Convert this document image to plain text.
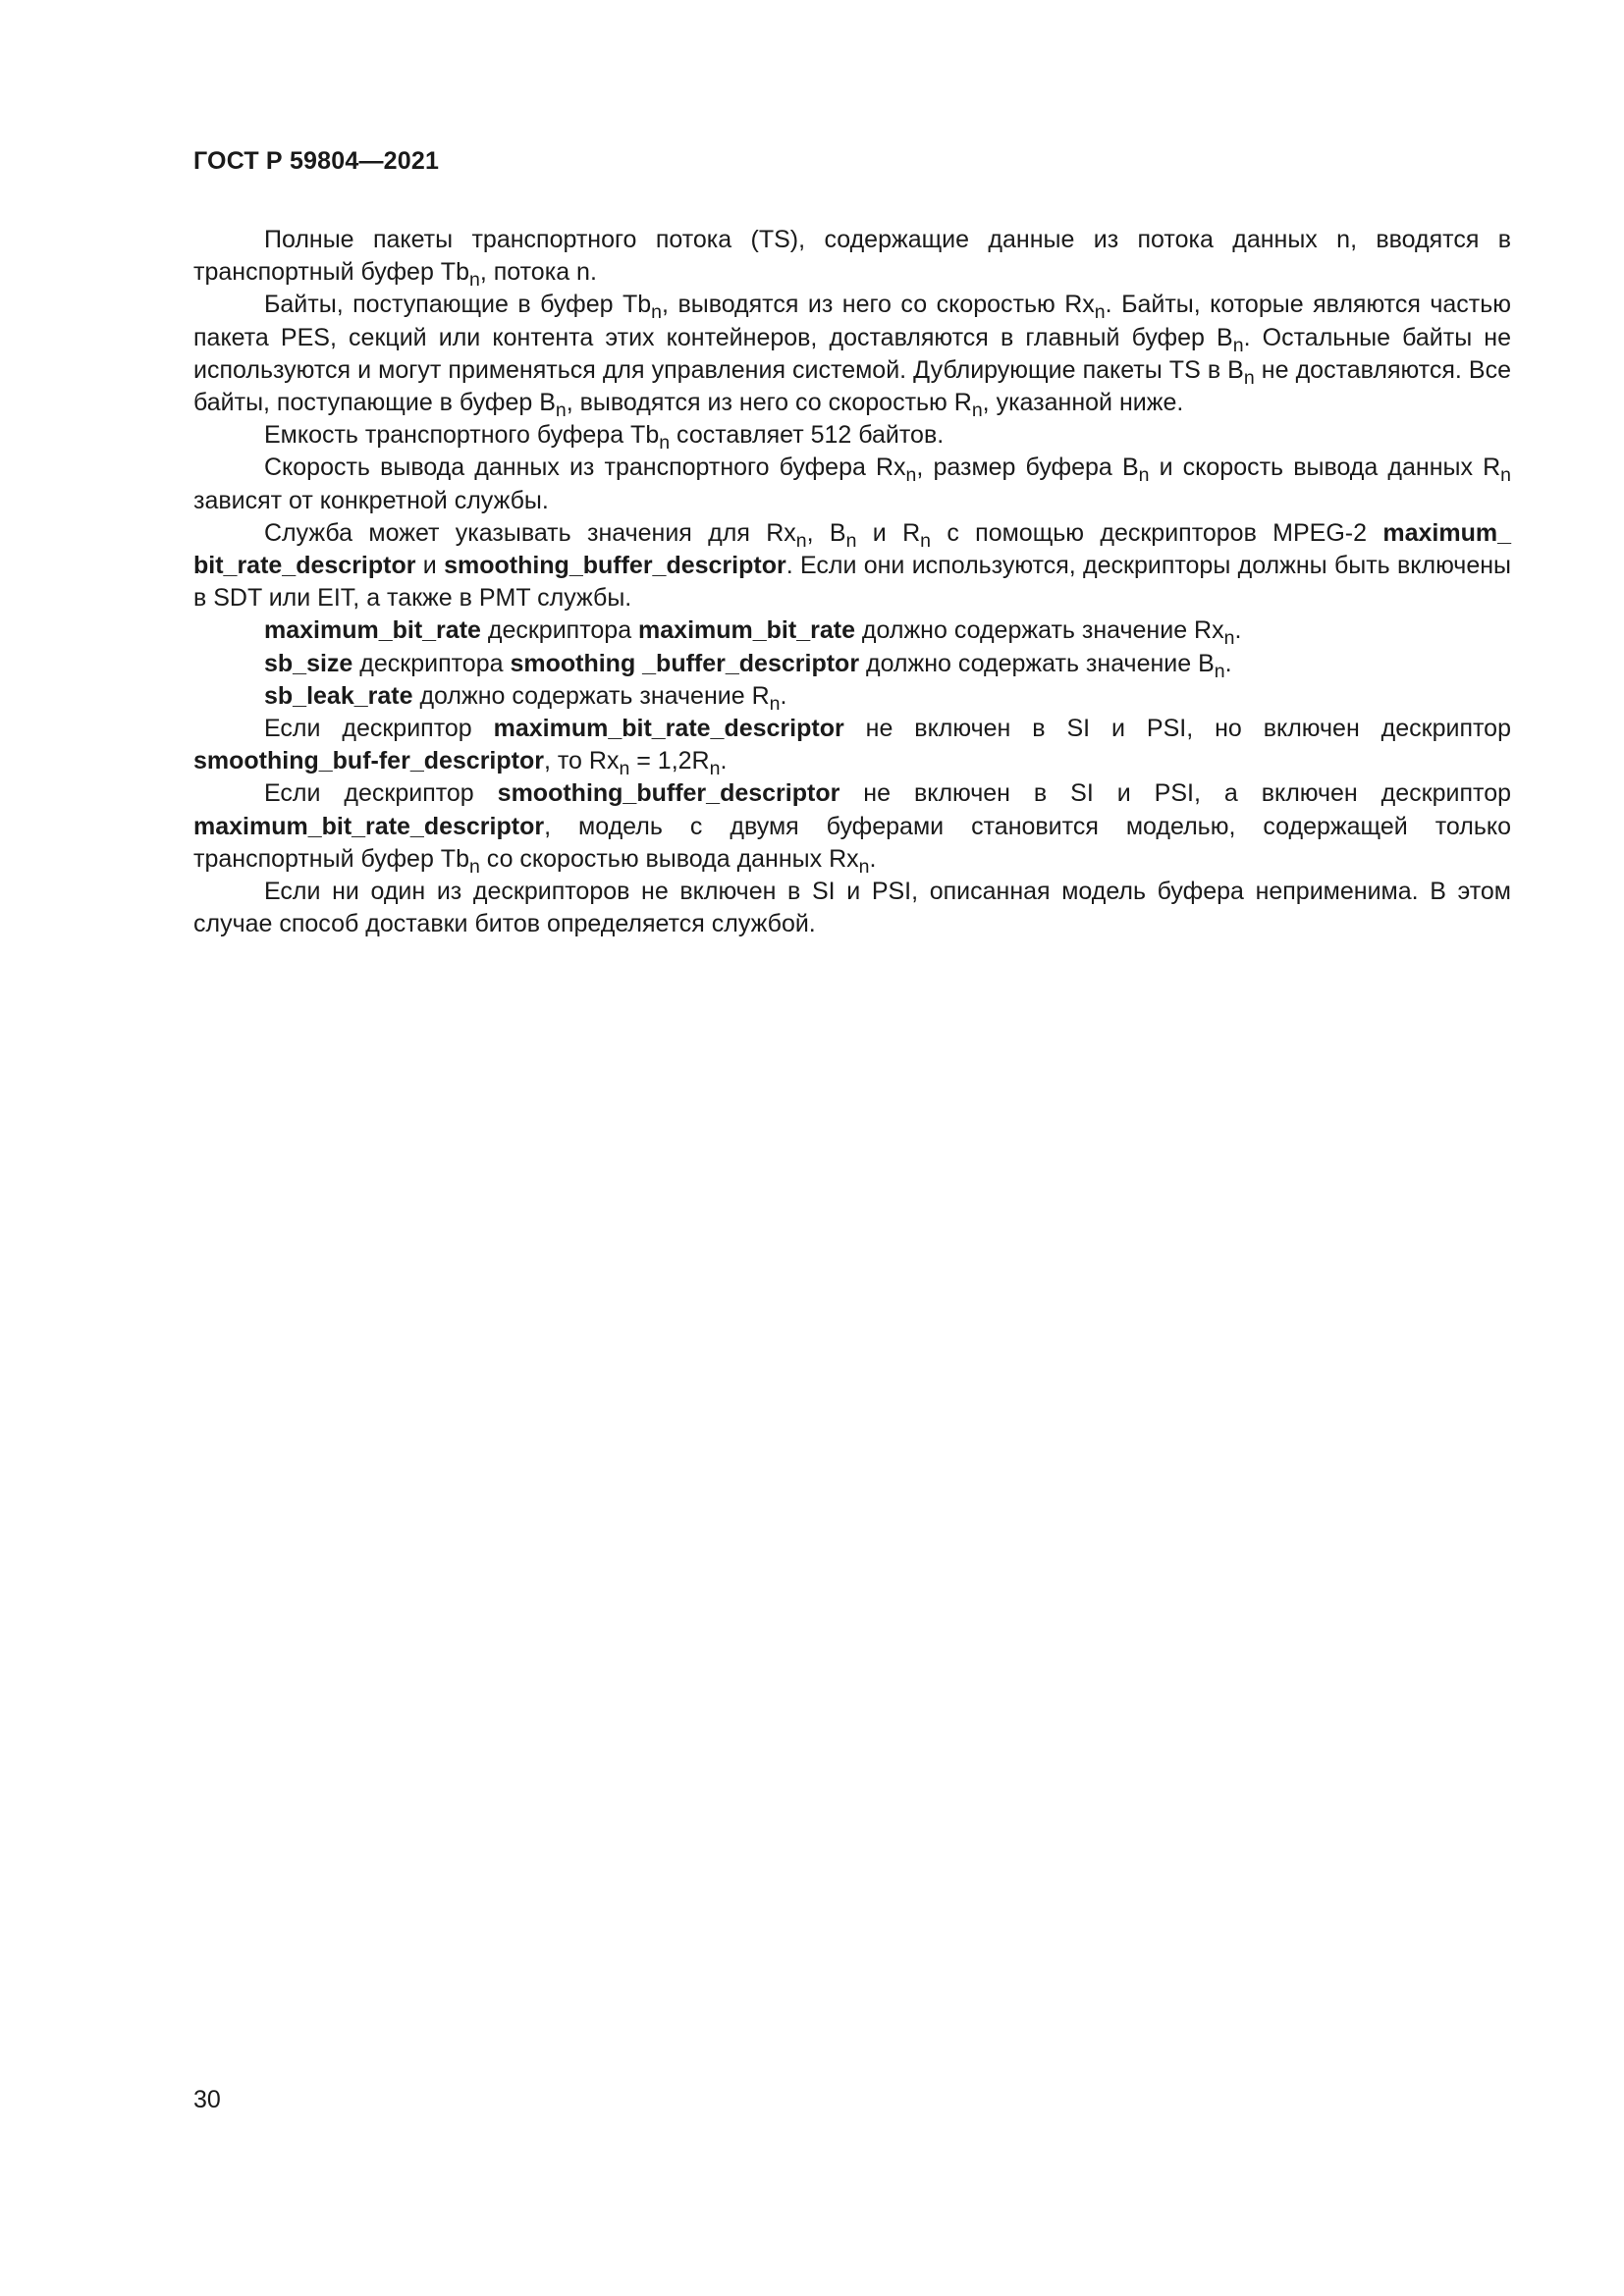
ГОСТ Р 59804—2021

Полные пакеты транспортного потока (TS), содержащие данные из потока данных n, вводятся в транспортный буфер $Tb_n$, потока n.

Байты, поступающие в буфер $Tb_n$, выводятся из него со скоростью $Rx_n$. Байты, которые являются частью пакета PES, секций или контента этих контейнеров, доставляются в главный буфер $B_n$. Остальные байты не используются и могут применяться для управления системой. Дублирующие пакеты TS в $B_n$ не доставляются. Все байты, поступающие в буфер $B_n$, выводятся из него со скоростью $R_n$, указанной ниже.

Емкость транспортного буфера $Tb_n$ составляет 512 байтов.

Скорость вывода данных из транспортного буфера $Rx_n$, размер буфера $B_n$ и скорость вывода данных $R_n$ зависят от конкретной службы.

Служба может указывать значения для $Rx_n$, $B_n$ и $R_n$ с помощью дескрипторов MPEG-2 maximum_ bit_rate_descriptor и smoothing_buffer_descriptor. Если они используются, дескрипторы должны быть включены в SDT или EIT, а также в PMT службы.

maximum_bit_rate дескриптора maximum_bit_rate должно содержать значение $Rx_n$.

sb_size дескриптора smoothing _buffer_descriptor должно содержать значение $B_n$.

sb_leak_rate должно содержать значение $R_n$.

Если дескриптор maximum_bit_rate_descriptor не включен в SI и PSI, но включен дескриптор smoothing_buf-fer_descriptor, то $Rx_n = 1,2R_n$.

Если дескриптор smoothing_buffer_descriptor не включен в SI и PSI, а включен дескриптор maximum_bit_rate_descriptor, модель с двумя буферами становится моделью, содержащей только транспортный буфер $Tb_n$ со скоростью вывода данных $Rx_n$.

Если ни один из дескрипторов не включен в SI и PSI, описанная модель буфера неприменима. В этом случае способ доставки битов определяется службой.

30
